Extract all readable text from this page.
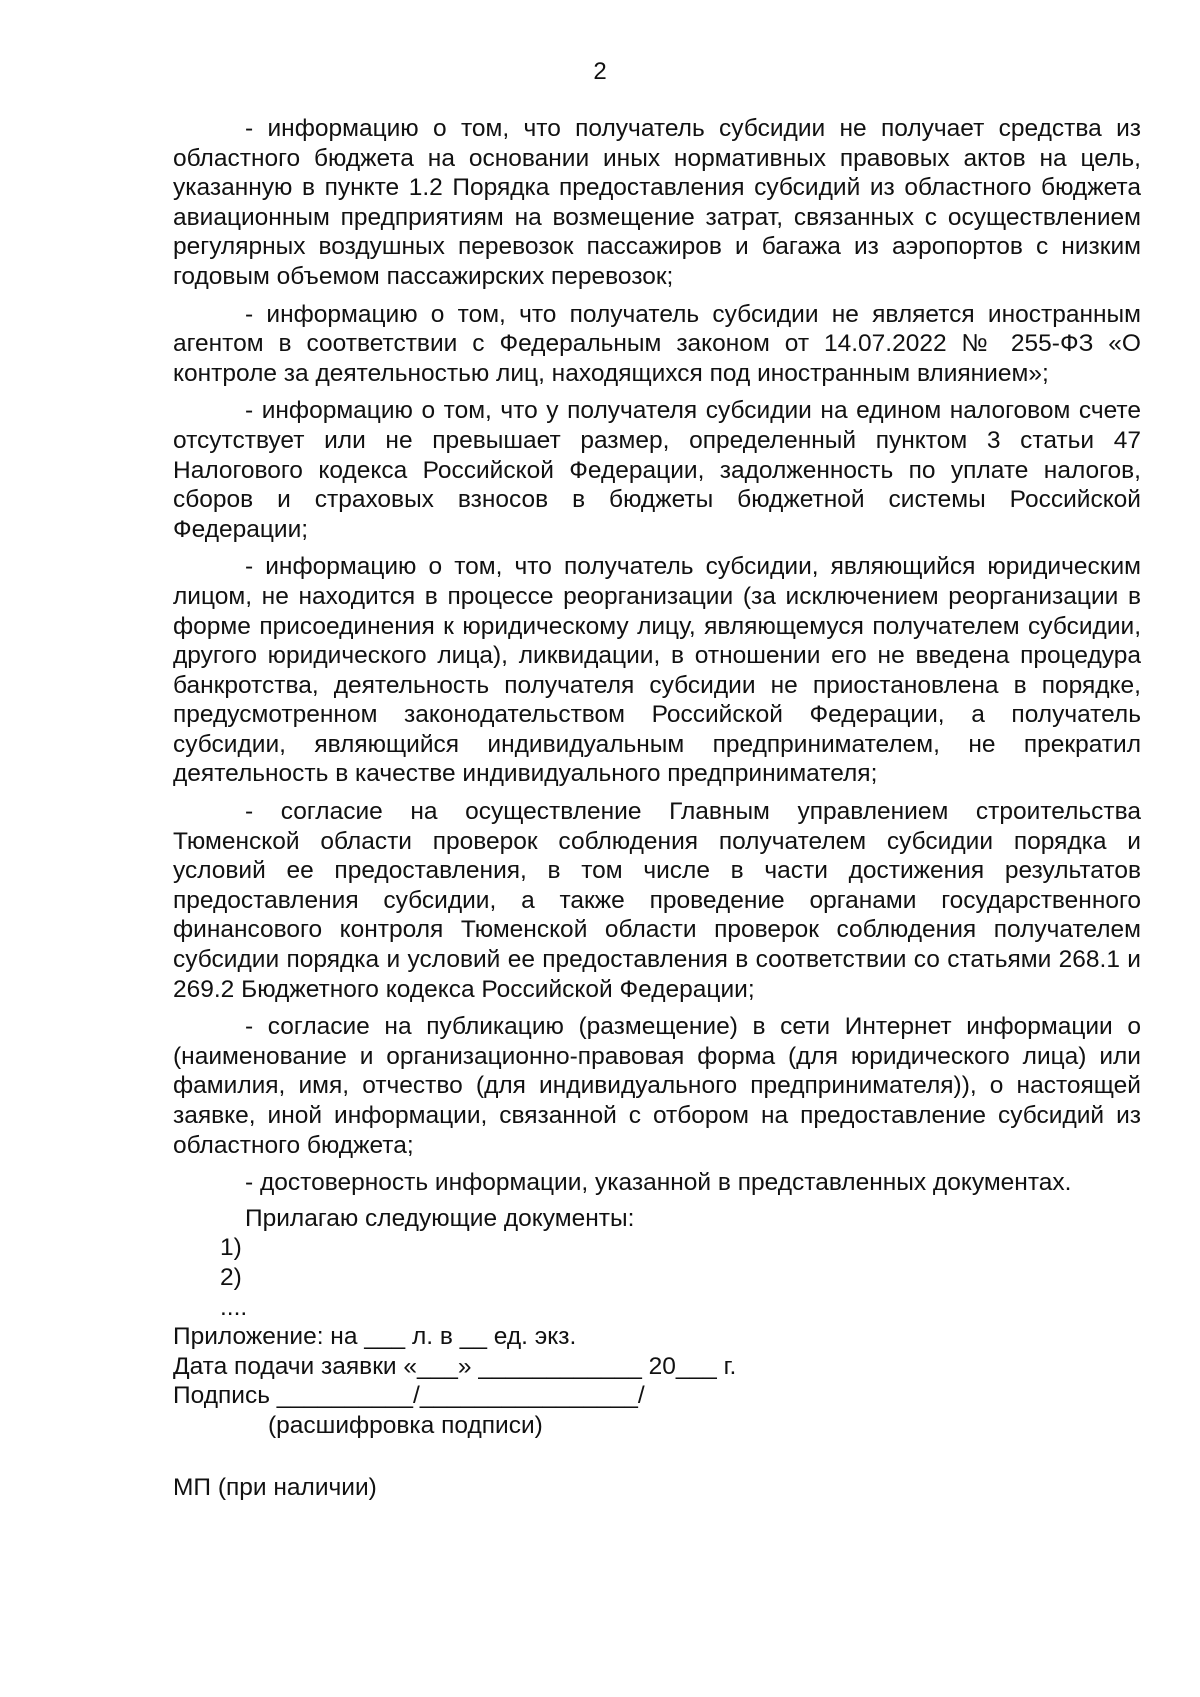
2

- информацию о том, что получатель субсидии не получает средства из областного бюджета на основании иных нормативных правовых актов на цель, указанную в пункте 1.2 Порядка предоставления субсидий из областного бюджета авиационным предприятиям на возмещение затрат, связанных с осуществлением регулярных воздушных перевозок пассажиров и багажа из аэропортов с низким годовым объемом пассажирских перевозок;

- информацию о том, что получатель субсидии не является иностранным агентом в соответствии с Федеральным законом от 14.07.2022 № 255-ФЗ «О контроле за деятельностью лиц, находящихся под иностранным влиянием»;

- информацию о том, что у получателя субсидии на едином налоговом счете отсутствует или не превышает размер, определенный пунктом 3 статьи 47 Налогового кодекса Российской Федерации, задолженность по уплате налогов, сборов и страховых взносов в бюджеты бюджетной системы Российской Федерации;

- информацию о том, что получатель субсидии, являющийся юридическим лицом, не находится в процессе реорганизации (за исключением реорганизации в форме присоединения к юридическому лицу, являющемуся получателем субсидии, другого юридического лица), ликвидации, в отношении его не введена процедура банкротства, деятельность получателя субсидии не приостановлена в порядке, предусмотренном законодательством Российской Федерации, а получатель субсидии, являющийся индивидуальным предпринимателем, не прекратил деятельность в качестве индивидуального предпринимателя;

- согласие на осуществление Главным управлением строительства Тюменской области проверок соблюдения получателем субсидии порядка и условий ее предоставления, в том числе в части достижения результатов предоставления субсидии, а также проведение органами государственного финансового контроля Тюменской области проверок соблюдения получателем субсидии порядка и условий ее предоставления в соответствии со статьями 268.1 и 269.2 Бюджетного кодекса Российской Федерации;

- согласие на публикацию (размещение) в сети Интернет информации о (наименование и организационно-правовая форма (для юридического лица) или фамилия, имя, отчество (для индивидуального предпринимателя)), о настоящей заявке, иной информации, связанной с отбором на предоставление субсидий из областного бюджета;

- достоверность информации, указанной в представленных документах.

Прилагаю следующие документы:

1)

2)

....

Приложение: на ___ л. в __ ед. экз.

Дата подачи заявки «___» ____________ 20___ г.

Подпись __________/________________/

(расшифровка подписи)

МП (при наличии)
